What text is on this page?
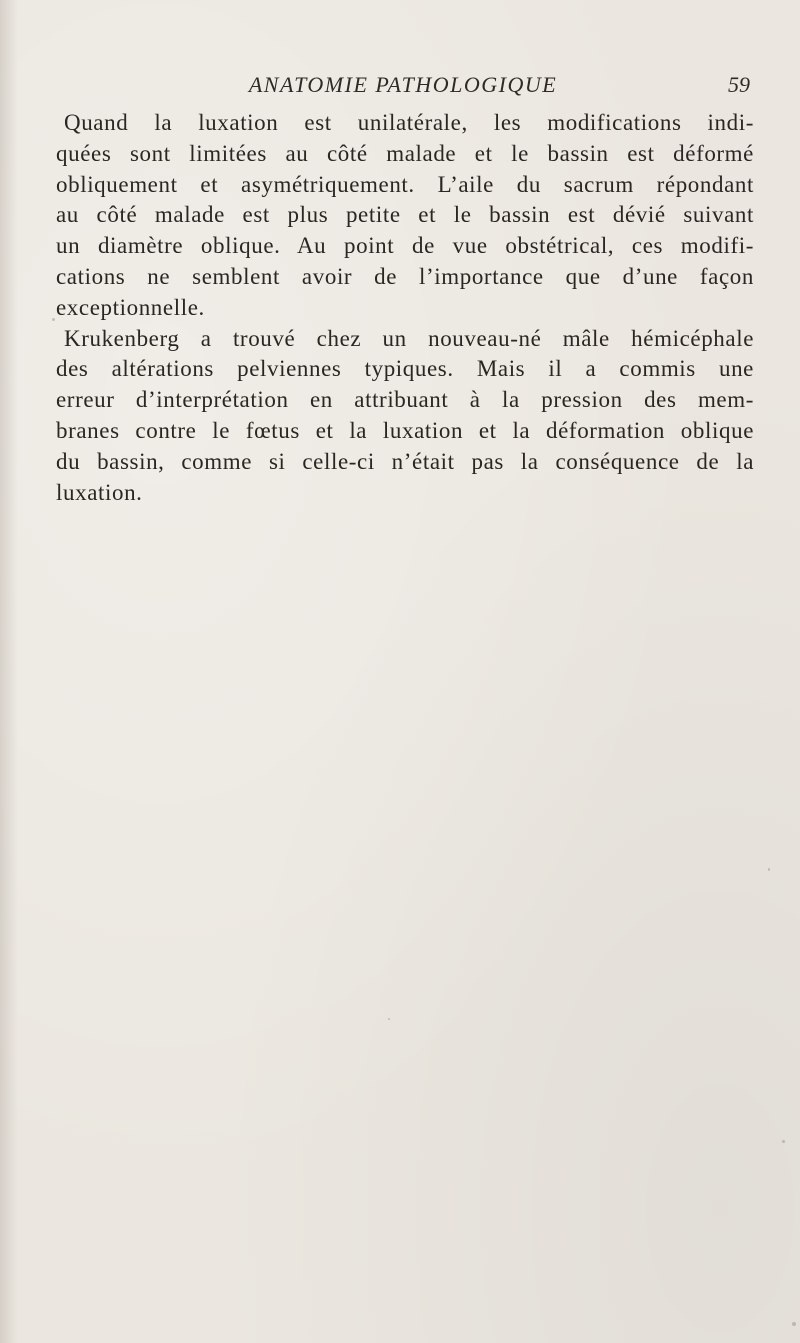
ANATOMIE PATHOLOGIQUE	59
Quand la luxation est unilatérale, les modifications indi-
quées sont limitées au côté malade et le bassin est déformé
obliquement et asymétriquement. L’aile du sacrum répondant
au côté malade est plus petite et le bassin est dévié suivant
un diamètre oblique. Au point de vue obstétrical, ces modifi-
cations ne semblent avoir de l’importance que d’une façon
exceptionnelle.
Krukenberg a trouvé chez un nouveau-né mâle hémicéphale
des altérations pelviennes typiques. Mais il a commis une
erreur d’interprétation en attribuant à la pression des mem-
branes contre le fœtus et la luxation et la déformation oblique
du bassin, comme si celle-ci n’était pas la conséquence de la
luxation.
